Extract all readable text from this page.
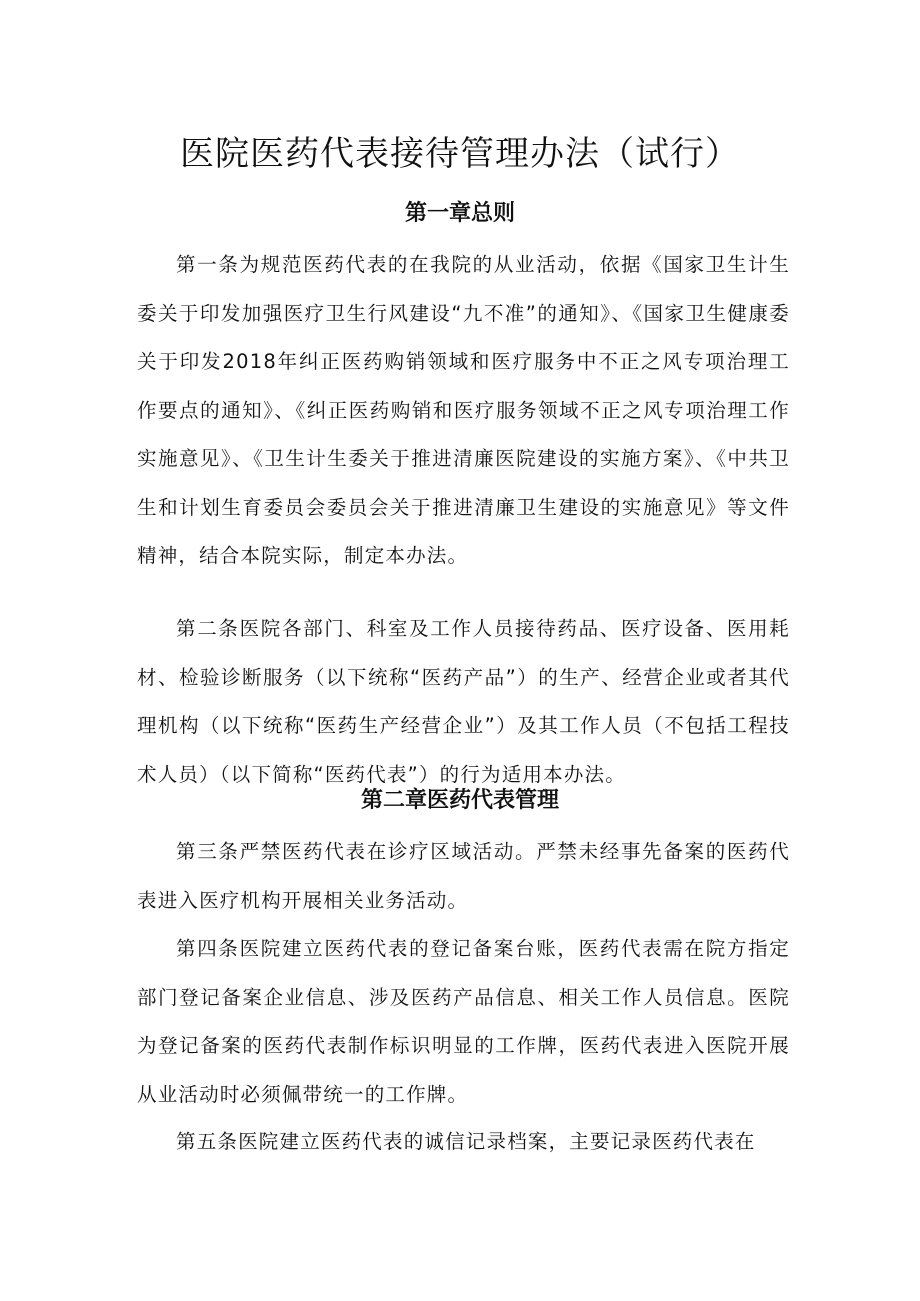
医院医药代表接待管理办法（试行）
第一章总则

第一条为规范医药代表的在我院的从业活动，依据《国家卫生计生委关于印发加强医疗卫生行风建设“九不准”的通知》、《国家卫生健康委关于印发2018年纠正医药购销领域和医疗服务中不正之风专项治理工作要点的通知》、《纠正医药购销和医疗服务领域不正之风专项治理工作实施意见》、《卫生计生委关于推进清廉医院建设的实施方案》、《中共卫生和计划生育委员会委员会关于推进清廉卫生建设的实施意见》等文件精神，结合本院实际，制定本办法。

第二条医院各部门、科室及工作人员接待药品、医疗设备、医用耗材、检验诊断服务（以下统称“医药产品”）的生产、经营企业或者其代理机构（以下统称“医药生产经营企业”）及其工作人员（不包括工程技术人员）（以下简称“医药代表”）的行为适用本办法。

第二章医药代表管理

第三条严禁医药代表在诊疗区域活动。严禁未经事先备案的医药代表进入医疗机构开展相关业务活动。

第四条医院建立医药代表的登记备案台账，医药代表需在院方指定部门登记备案企业信息、涉及医药产品信息、相关工作人员信息。医院为登记备案的医药代表制作标识明显的工作牌，医药代表进入医院开展从业活动时必须佩带统一的工作牌。

第五条医院建立医药代表的诚信记录档案，主要记录医药代表在
